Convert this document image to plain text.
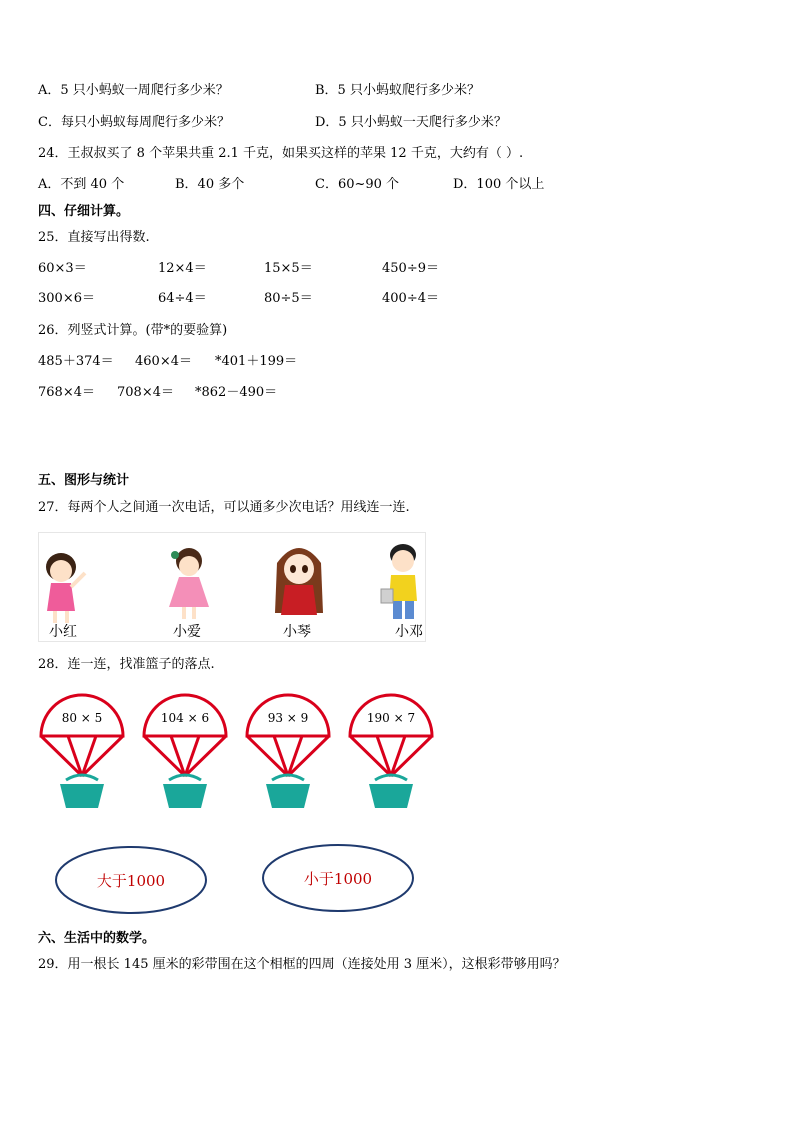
A．5 只小蚂蚁一周爬行多少米？	B．5 只小蚂蚁爬行多少米？
C．每只小蚂蚁每周爬行多少米？	D．5 只小蚂蚁一天爬行多少米？
24．王叔叔买了 8 个苹果共重 2.1 千克，如果买这样的苹果 12 千克，大约有（ ）.
A．不到 40 个	B．40 多个	C．60~90 个	D．100 个以上
四、仔细计算。
25．直接写出得数.
60×3＝	12×4＝	15×5＝	450÷9＝
300×6＝	64÷4＝	80÷5＝	400÷4＝
26．列竖式计算。(带*的要验算)
485＋374＝ 460×4＝ *401＋199＝
768×4＝ 708×4＝ *862－490＝
五、图形与统计
27．每两个人之间通一次电话，可以通多少次电话？用线连一连.
小红	小爱	小琴	小邓
28．连一连，找准篮子的落点.
80 × 5	104 × 6	93 × 9	190 × 7
大于1000	小于1000
六、生活中的数学。
29．用一根长 145 厘米的彩带围在这个相框的四周（连接处用 3 厘米），这根彩带够用吗？
